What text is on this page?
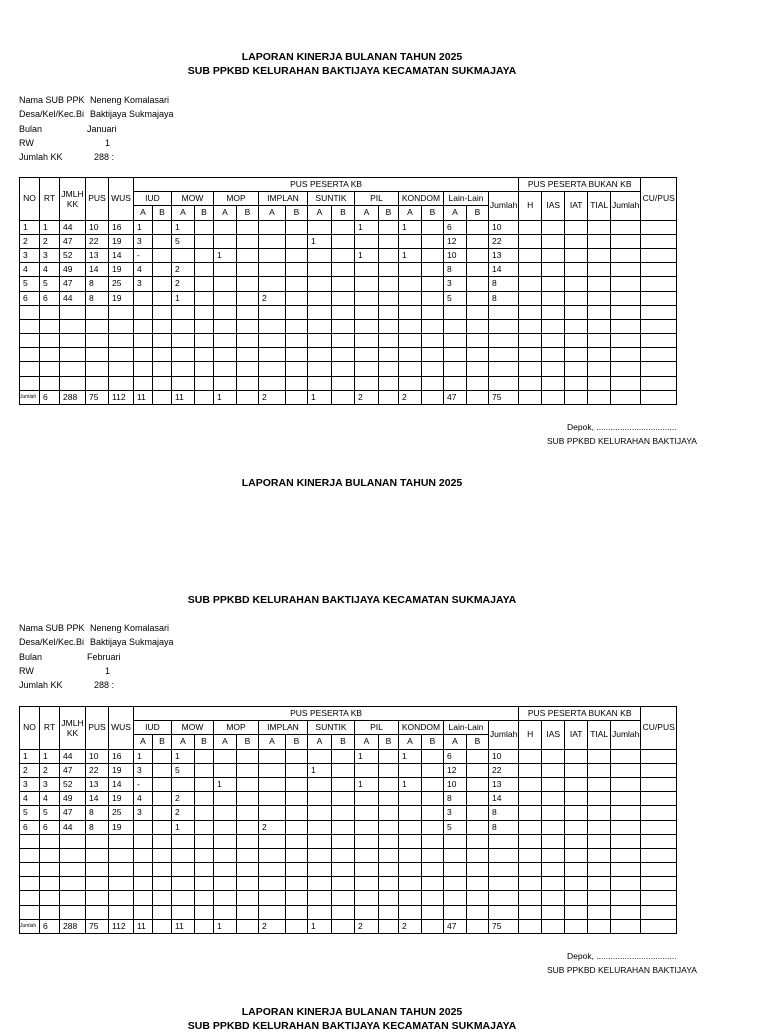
LAPORAN KINERJA BULANAN TAHUN 2025
SUB PPKBD KELURAHAN BAKTIJAYA KECAMATAN SUKMAJAYA
LAPORAN KINERJA BULANAN TAHUN 2025
SUB PPKBD KELURAHAN BAKTIJAYA KECAMATAN SUKMAJAYA
LAPORAN KINERJA BULANAN TAHUN 2025
SUB PPKBD KELURAHAN BAKTIJAYA KECAMATAN SUKMAJAYA
Nama SUB PPK Neneng Komalasari
Desa/Kel/Kec.Bi Baktijaya Sukmajaya
Bulan	Januari
RW	1
Jumlah KK	288 :
Nama SUB PPK Neneng Komalasari
Desa/Kel/Kec.Bi Baktijaya Sukmajaya
Bulan	Februari
RW	1
Jumlah KK	288 :
NO	RT	JMLH KK	PUS	WUS	PUS PESERTA KB																	PUS PESERTA BUKAN KB					CU/PUS
					IUD		MOW		MOP		IMPLAN		SUNTIK		PIL		KONDOM		Lain-Lain		Jumlah	H	IAS	IAT	TIAL	Jumlah	
					A	B	A	B	A	B	A	B	A	B	A	B	A	B	A	B							
1	1	44	10	16	1		1								1		1		6		10						
2	2	47	22	19	3		5						1						12		22						
3	3	52	13	14	-				1						1		1		10		13						
4	4	49	14	19	4		2												8		14						
5	5	47	8	25	3		2												3		8						
6	6	44	8	19			1				2								5		8						

Jumlah	6	288	75	112	11		11		1		2		1		2		2		47		75						
NO	RT	JMLH KK	PUS	WUS	PUS PESERTA KB																	PUS PESERTA BUKAN KB					CU/PUS
					IUD		MOW		MOP		IMPLAN		SUNTIK		PIL		KONDOM		Lain-Lain		Jumlah	H	IAS	IAT	TIAL	Jumlah	
					A	B	A	B	A	B	A	B	A	B	A	B	A	B	A	B							
1	1	44	10	16	1		1								1		1		6		10						
2	2	47	22	19	3		5						1						12		22						
3	3	52	13	14	-				1						1		1		10		13						
4	4	49	14	19	4		2												8		14						
5	5	47	8	25	3		2												3		8						
6	6	44	8	19			1				2								5		8						

Jumlah	6	288	75	112	11		11		1		2		1		2		2		47		75						
Depok, ..................................
SUB PPKBD KELURAHAN BAKTIJAYA
Depok, ..................................
SUB PPKBD KELURAHAN BAKTIJAYA
